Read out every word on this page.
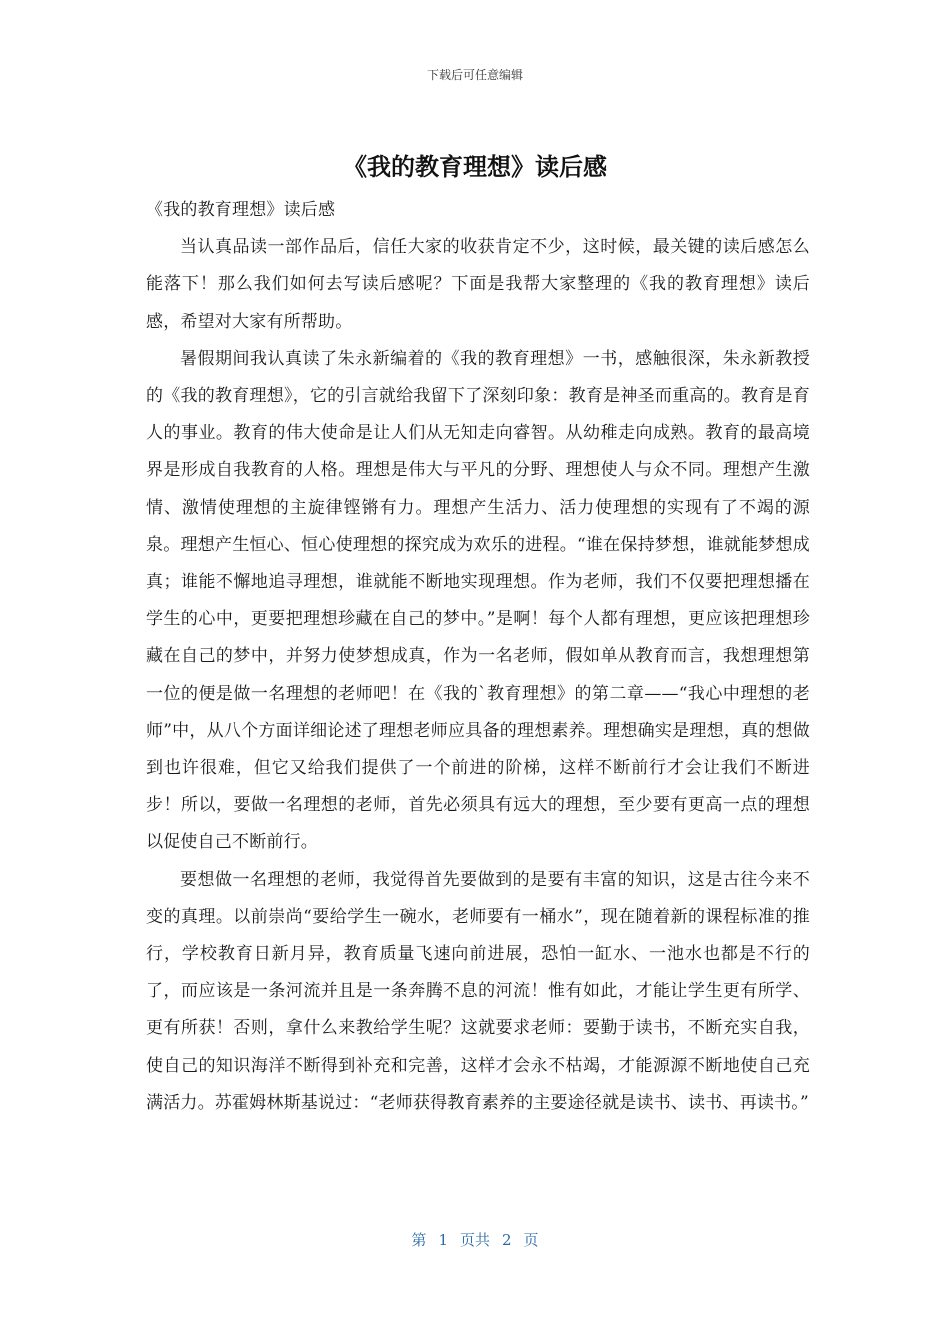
下载后可任意编辑
《我的教育理想》读后感

《我的教育理想》读后感

当认真品读一部作品后，信任大家的收获肯定不少，这时候，最关键的读后感怎么能落下！那么我们如何去写读后感呢？下面是我帮大家整理的《我的教育理想》读后感，希望对大家有所帮助。

暑假期间我认真读了朱永新编着的《我的教育理想》一书，感触很深，朱永新教授的《我的教育理想》，它的引言就给我留下了深刻印象：教育是神圣而重高的。教育是育人的事业。教育的伟大使命是让人们从无知走向睿智。从幼稚走向成熟。教育的最高境界是形成自我教育的人格。理想是伟大与平凡的分野、理想使人与众不同。理想产生激情、激情使理想的主旋律铿锵有力。理想产生活力、活力使理想的实现有了不竭的源泉。理想产生恒心、恒心使理想的探究成为欢乐的进程。“谁在保持梦想，谁就能梦想成真；谁能不懈地追寻理想，谁就能不断地实现理想。作为老师，我们不仅要把理想播在学生的心中，更要把理想珍藏在自己的梦中。”是啊！每个人都有理想，更应该把理想珍藏在自己的梦中，并努力使梦想成真，作为一名老师，假如单从教育而言，我想理想第一位的便是做一名理想的老师吧！在《我的`教育理想》的第二章——“我心中理想的老师”中，从八个方面详细论述了理想老师应具备的理想素养。理想确实是理想，真的想做到也许很难，但它又给我们提供了一个前进的阶梯，这样不断前行才会让我们不断进步！所以，要做一名理想的老师，首先必须具有远大的理想，至少要有更高一点的理想以促使自己不断前行。

要想做一名理想的老师，我觉得首先要做到的是要有丰富的知识，这是古往今来不变的真理。以前崇尚“要给学生一碗水，老师要有一桶水”，现在随着新的课程标准的推行，学校教育日新月异，教育质量飞速向前进展，恐怕一缸水、一池水也都是不行的了，而应该是一条河流并且是一条奔腾不息的河流！惟有如此，才能让学生更有所学、更有所获！否则，拿什么来教给学生呢？这就要求老师：要勤于读书，不断充实自我，使自己的知识海洋不断得到补充和完善，这样才会永不枯竭，才能源源不断地使自己充满活力。苏霍姆林斯基说过：“老师获得教育素养的主要途径就是读书、读书、再读书。”

第 1 页共 2 页
